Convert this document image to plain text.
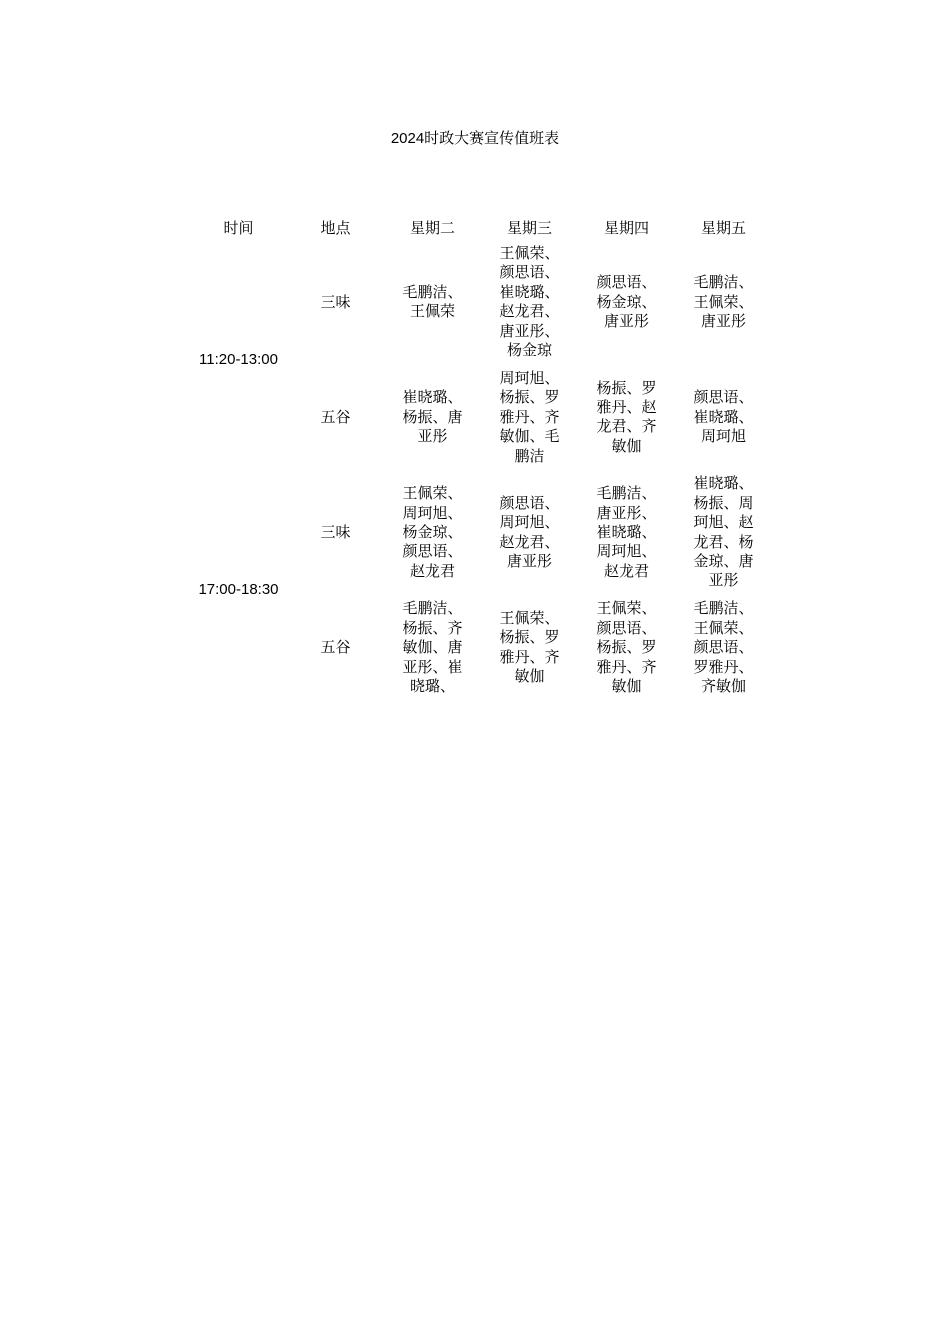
2024时政大赛宣传值班表
时间	地点	星期二	星期三	星期四	星期五
11:20-13:00	三味	毛鹏洁、王佩荣	王佩荣、颜思语、崔晓璐、赵龙君、唐亚彤、杨金琼	颜思语、杨金琼、唐亚彤	毛鹏洁、王佩荣、唐亚彤
	五谷	崔晓璐、杨振、唐亚彤	周珂旭、杨振、罗雅丹、齐敏伽、毛鹏洁	杨振、罗雅丹、赵龙君、齐敏伽	颜思语、崔晓璐、周珂旭
17:00-18:30	三味	王佩荣、周珂旭、杨金琼、颜思语、赵龙君	颜思语、周珂旭、赵龙君、唐亚彤	毛鹏洁、唐亚彤、崔晓璐、周珂旭、赵龙君	崔晓璐、杨振、周珂旭、赵龙君、杨金琼、唐亚彤
	五谷	毛鹏洁、杨振、齐敏伽、唐亚彤、崔晓璐、	王佩荣、杨振、罗雅丹、齐敏伽	王佩荣、颜思语、杨振、罗雅丹、齐敏伽	毛鹏洁、王佩荣、颜思语、罗雅丹、齐敏伽
